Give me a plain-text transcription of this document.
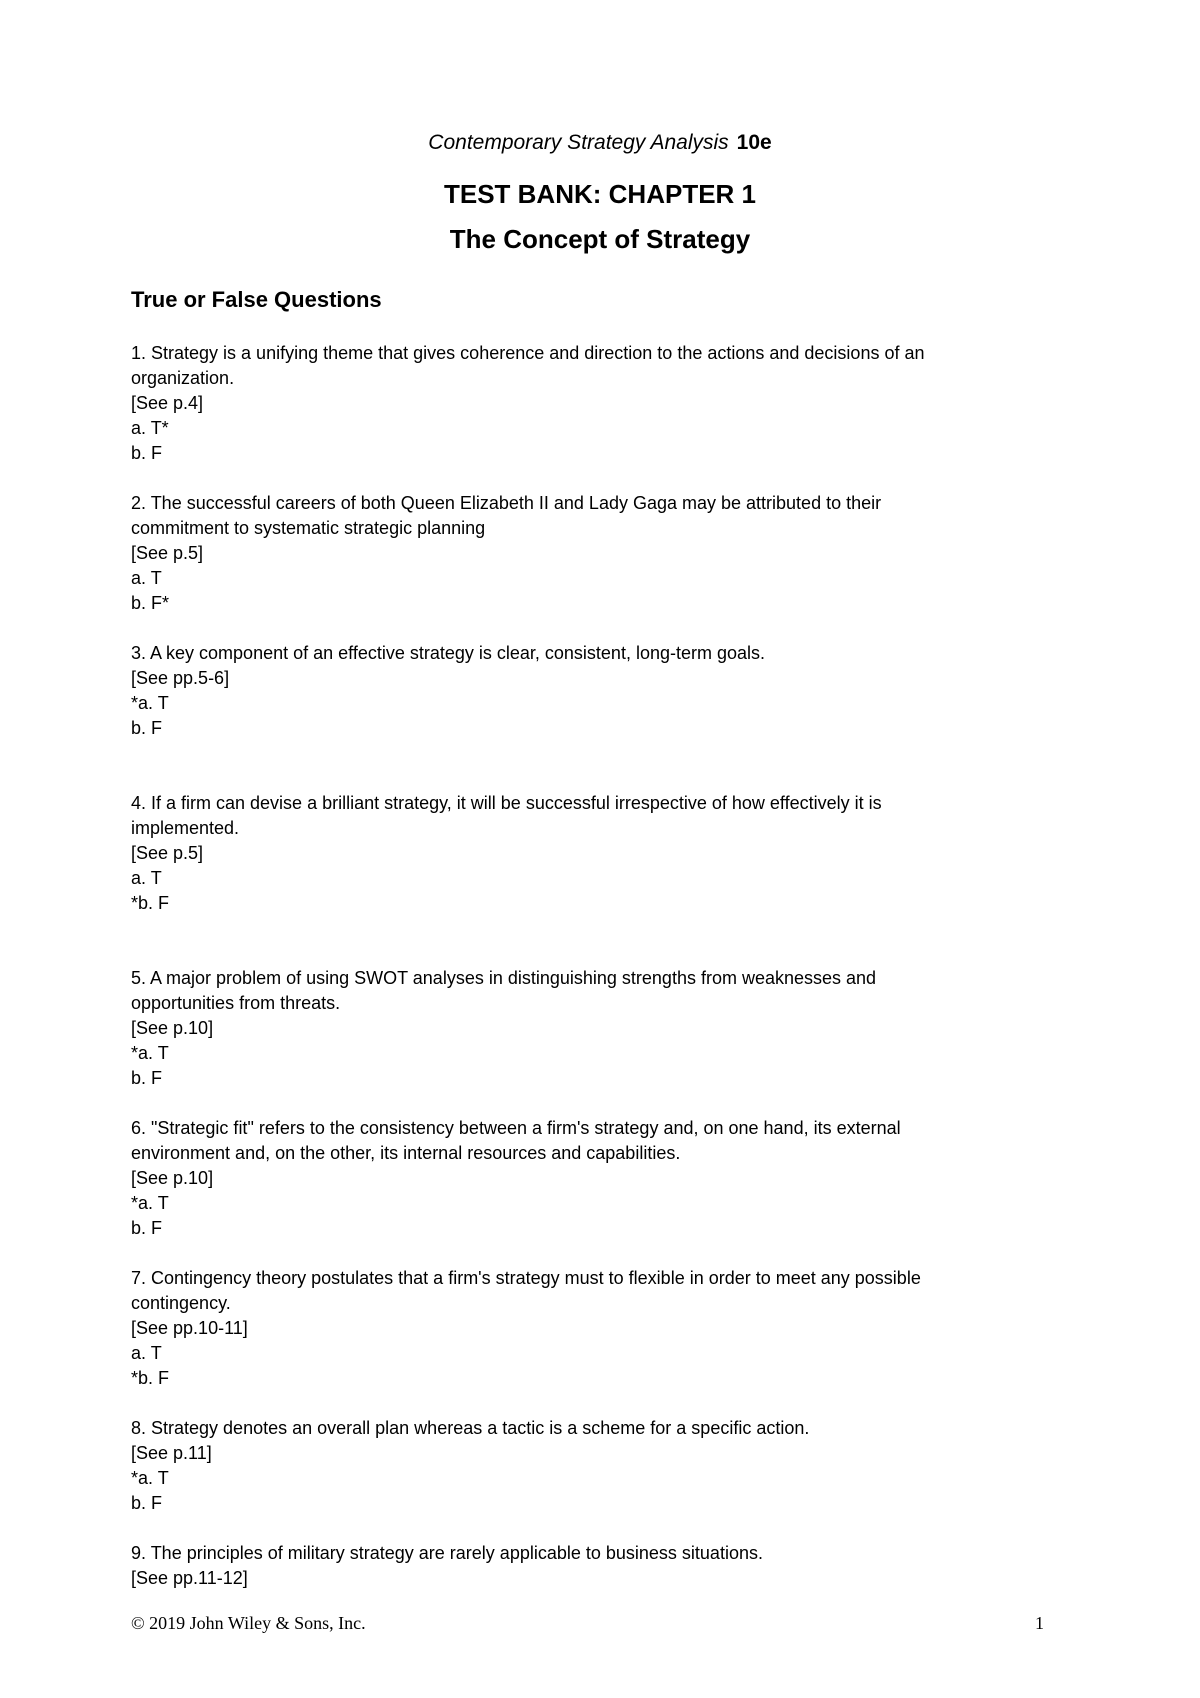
Contemporary Strategy Analysis 10e
TEST BANK: CHAPTER 1
The Concept of Strategy
True or False Questions
1. Strategy is a unifying theme that gives coherence and direction to the actions and decisions of an
organization.
[See p.4]
a. T*
b. F
2. The successful careers of both Queen Elizabeth II and Lady Gaga may be attributed to their
commitment to systematic strategic planning
[See p.5]
a. T
b. F*
3. A key component of an effective strategy is clear, consistent, long-term goals.
[See pp.5-6]
*a. T
b. F
4. If a firm can devise a brilliant strategy, it will be successful irrespective of how effectively it is
implemented.
[See p.5]
a. T
*b. F
5. A major problem of using SWOT analyses in distinguishing strengths from weaknesses and
opportunities from threats.
[See p.10]
*a. T
b. F
6. "Strategic fit" refers to the consistency between a firm's strategy and, on one hand, its external
environment and, on the other, its internal resources and capabilities.
[See p.10]
*a. T
b. F
7. Contingency theory postulates that a firm's strategy must to flexible in order to meet any possible
contingency.
[See pp.10-11]
a. T
*b. F
8. Strategy denotes an overall plan whereas a tactic is a scheme for a specific action.
[See p.11]
*a. T
b. F
9. The principles of military strategy are rarely applicable to business situations.
[See pp.11-12]
© 2019 John Wiley & Sons, Inc.	1
